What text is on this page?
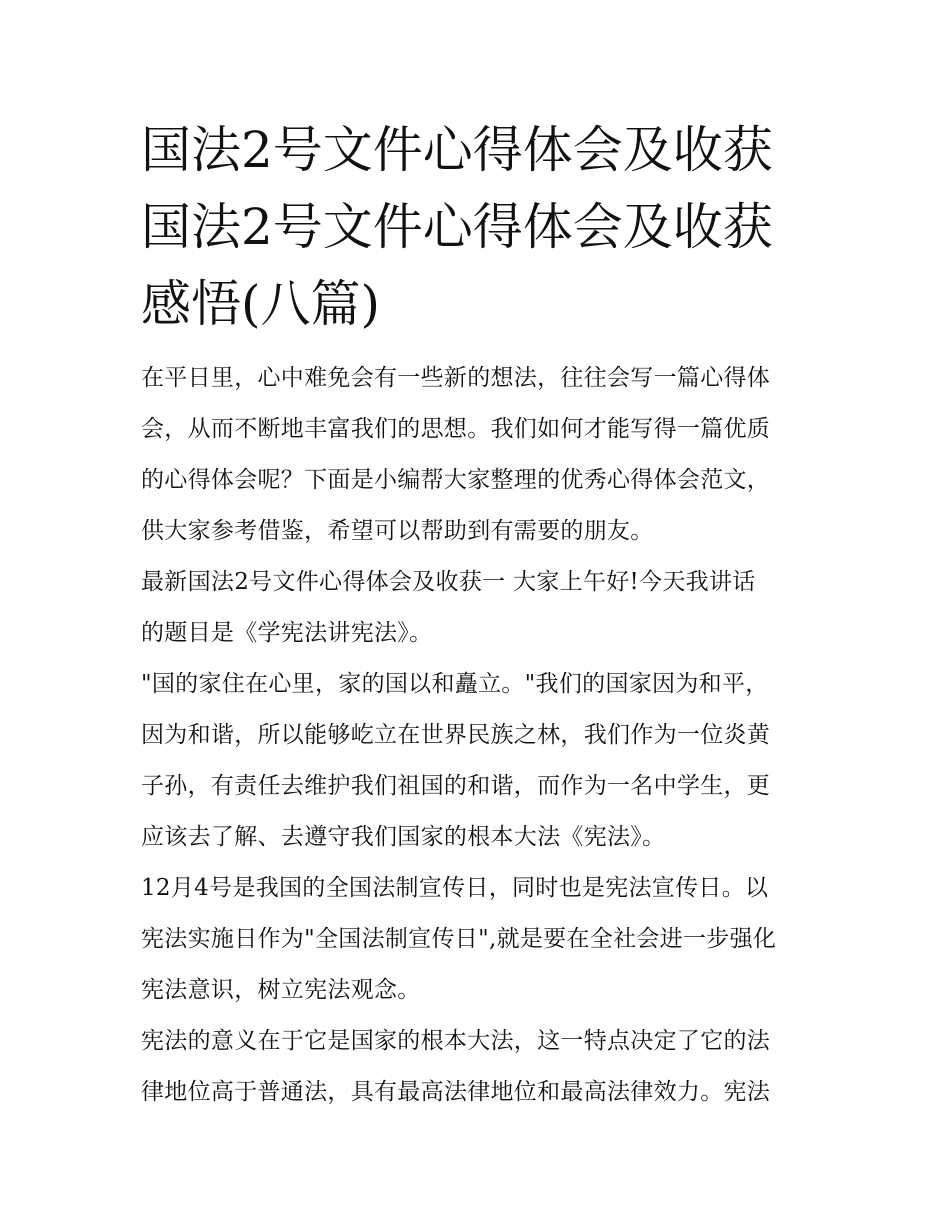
国法2号文件心得体会及收获
国法2号文件心得体会及收获
感悟(八篇)

在平日里，心中难免会有一些新的想法，往往会写一篇心得体
会，从而不断地丰富我们的思想。我们如何才能写得一篇优质
的心得体会呢？下面是小编帮大家整理的优秀心得体会范文，
供大家参考借鉴，希望可以帮助到有需要的朋友。

最新国法2号文件心得体会及收获一 大家上午好!今天我讲话
的题目是《学宪法讲宪法》。

"国的家住在心里，家的国以和矗立。"我们的国家因为和平，
因为和谐，所以能够屹立在世界民族之林，我们作为一位炎黄
子孙，有责任去维护我们祖国的和谐，而作为一名中学生，更
应该去了解、去遵守我们国家的根本大法《宪法》。

12月4号是我国的全国法制宣传日，同时也是宪法宣传日。以
宪法实施日作为"全国法制宣传日",就是要在全社会进一步强化
宪法意识，树立宪法观念。

宪法的意义在于它是国家的根本大法，这一特点决定了它的法
律地位高于普通法，具有最高法律地位和最高法律效力。宪法
